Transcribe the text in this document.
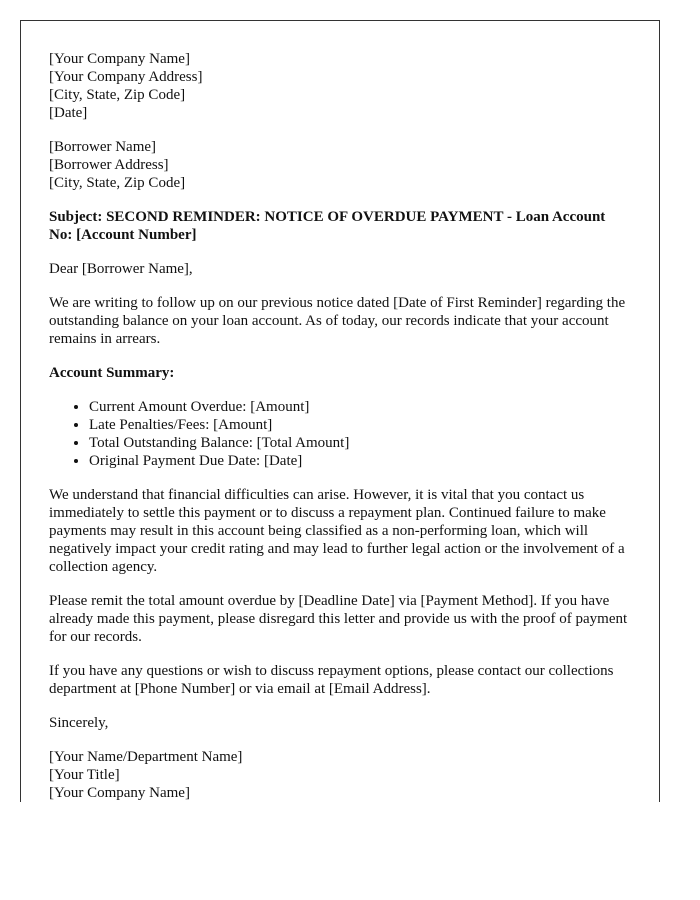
[Your Company Name]
[Your Company Address]
[City, State, Zip Code]
[Date]
[Borrower Name]
[Borrower Address]
[City, State, Zip Code]

Subject: SECOND REMINDER: NOTICE OF OVERDUE PAYMENT - Loan Account No: [Account Number]

Dear [Borrower Name],

We are writing to follow up on our previous notice dated [Date of First Reminder] regarding the outstanding balance on your loan account. As of today, our records indicate that your account remains in arrears.

Account Summary:

• Current Amount Overdue: [Amount]
• Late Penalties/Fees: [Amount]
• Total Outstanding Balance: [Total Amount]
• Original Payment Due Date: [Date]

We understand that financial difficulties can arise. However, it is vital that you contact us immediately to settle this payment or to discuss a repayment plan. Continued failure to make payments may result in this account being classified as a non-performing loan, which will negatively impact your credit rating and may lead to further legal action or the involvement of a collection agency.

Please remit the total amount overdue by [Deadline Date] via [Payment Method]. If you have already made this payment, please disregard this letter and provide us with the proof of payment for our records.

If you have any questions or wish to discuss repayment options, please contact our collections department at [Phone Number] or via email at [Email Address].

Sincerely,

[Your Name/Department Name]
[Your Title]
[Your Company Name]
